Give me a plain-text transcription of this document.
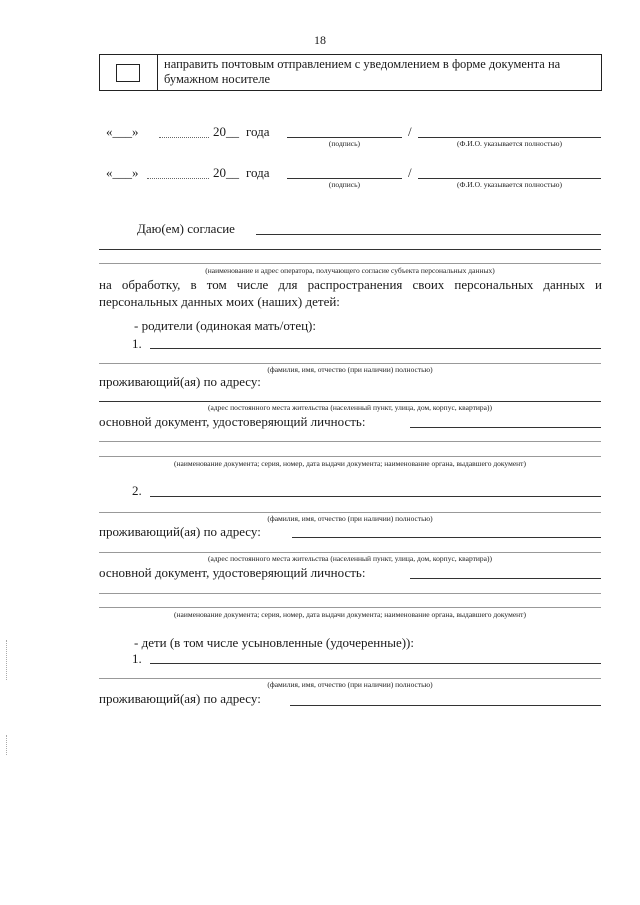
18
направить почтовым отправлением с уведомлением в форме документа на бумажном носителе
«___»	20__ года	/
(подпись)	(Ф.И.О. указывается полностью)
«___»	20__ года	/
(подпись)	(Ф.И.О. указывается полностью)
Даю(ем) согласие
(наименование и адрес оператора, получающего согласие субъекта персональных данных)
на обработку, в том числе для распространения своих персональных данных и персональных данных моих (наших) детей:
- родители (одинокая мать/отец):
1.
(фамилия, имя, отчество (при наличии) полностью)
проживающий(ая) по адресу:
(адрес постоянного места жительства (населенный пункт, улица, дом, корпус, квартира))
основной документ, удостоверяющий личность:
(наименование документа; серия, номер, дата выдачи документа; наименование органа, выдавшего документ)
2.
(фамилия, имя, отчество (при наличии) полностью)
проживающий(ая) по адресу:
(адрес постоянного места жительства (населенный пункт, улица, дом, корпус, квартира))
основной документ, удостоверяющий личность:
(наименование документа; серия, номер, дата выдачи документа; наименование органа, выдавшего документ)
- дети (в том числе усыновленные (удочеренные)):
1.
(фамилия, имя, отчество (при наличии) полностью)
проживающий(ая) по адресу:
